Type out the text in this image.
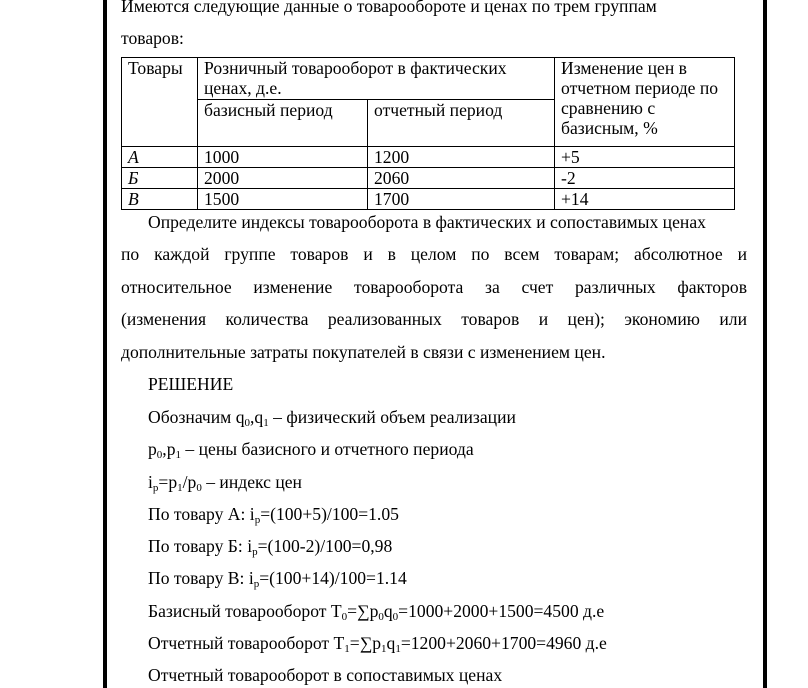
Имеются следующие данные о товарообороте и ценах по трем группам
товаров:
Товары	Розничный товарооборот в фактических ценах, д.е.		Изменение цен в отчетном периоде по сравнению с базисным, %
	базисный период	отчетный период	
А	1000	1200	+5
Б	2000	2060	-2
В	1500	1700	+14
Определите индексы товарооборота в фактических и сопоставимых ценах
по каждой группе товаров и в целом по всем товарам; абсолютное и
относительное изменение товарооборота за счет различных факторов
(изменения количества реализованных товаров и цен); экономию или
дополнительные затраты покупателей в связи с изменением цен.
РЕШЕНИЕ
Обозначим $q_0,q_1$ – физический объем реализации
$p_0,p_1$ – цены базисного и отчетного периода
$i_p=p_1/p_0$ – индекс цен
По товару А: $i_p=(100+5)/100=1.05$
По товару Б: $i_p=(100-2)/100=0,98$
По товару В: $i_p=(100+14)/100=1.14$
Базисный товарооборот $T_0=\sum p_0q_0=1000+2000+1500=4500$ д.е
Отчетный товарооборот $T_1=\sum p_1q_1=1200+2060+1700=4960$ д.е
Отчетный товарооборот в сопоставимых ценах
